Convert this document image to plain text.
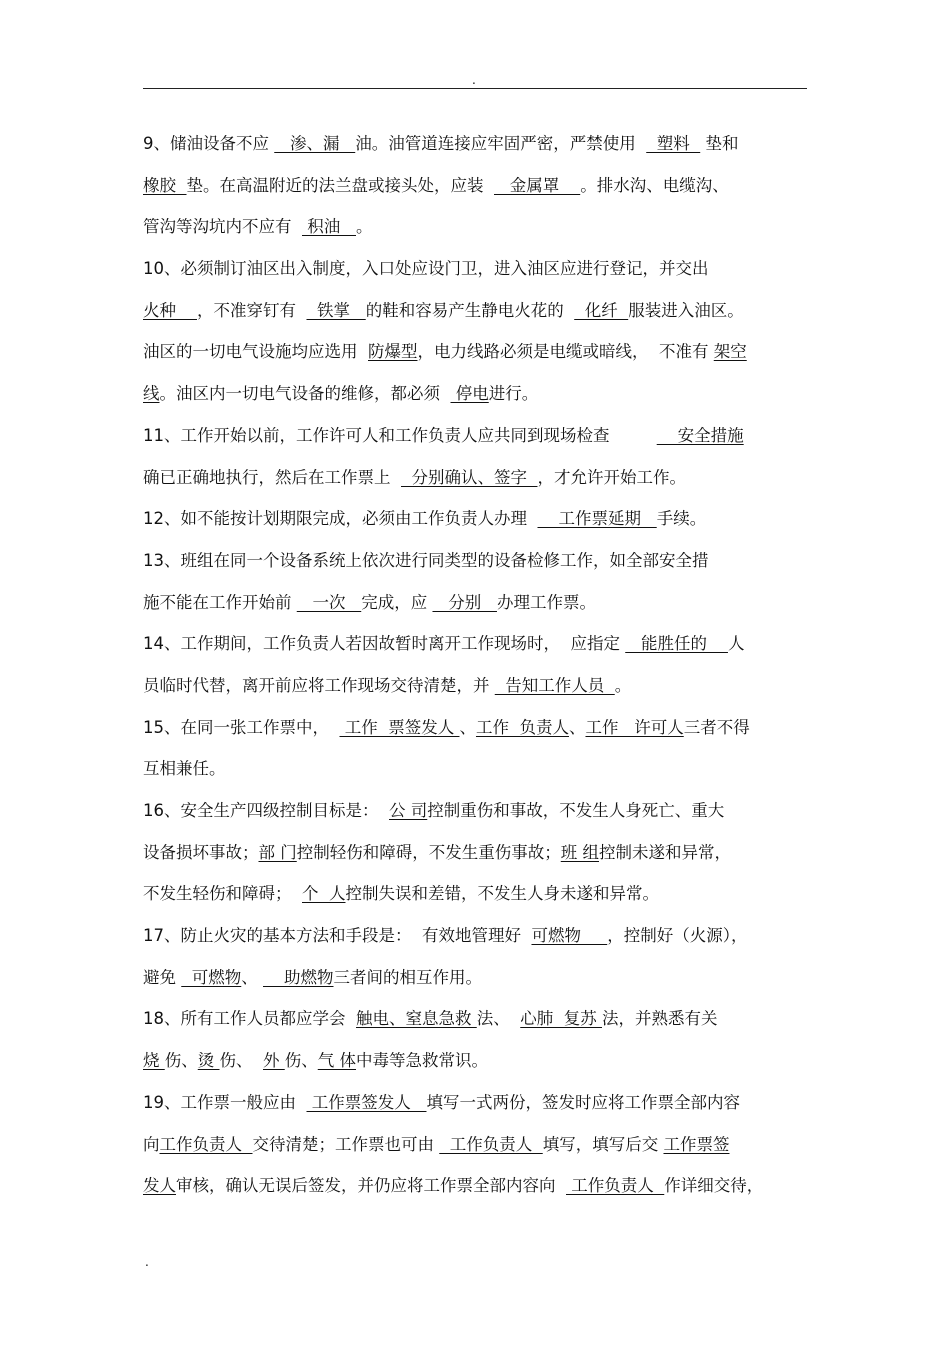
.
9、储油设备不应    渗、漏   油。油管道连接应牢固严密，严禁使用    塑料   垫和
橡胶  垫。在高温附近的法兰盘或接头处，应装     金属罩    。排水沟、电缆沟、
管沟等沟坑内不应有   积油   。
10、必须制订油区出入制度，入口处应设门卫，进入油区应进行登记，并交出
火种    ，不准穿钉有    铁掌   的鞋和容易产生静电火花的    化纤  服装进入油区。
油区的一切电气设施均应选用  防爆型，电力线路必须是电缆或暗线，  不准有 架空
线。油区内一切电气设备的维修，都必须   停电进行。
11、工作开始以前，工作许可人和工作负责人应共同到现场检查             安全措施
确已正确地执行，然后在工作票上    分别确认、签字  ，才允许开始工作。
12、如不能按计划期限完成，必须由工作负责人办理      工作票延期   手续。
13、班组在同一个设备系统上依次进行同类型的设备检修工作，如全部安全措
施不能在工作开始前    一次   完成，应    分别   办理工作票。
14、工作期间，工作负责人若因故暂时离开工作现场时，  应指定    能胜任的    人
员临时代替，离开前应将工作现场交待清楚，并   告知工作人员  。
15、在同一张工作票中，   工作  票签发人 、工作  负责人、工作   许可人三者不得
互相兼任。
16、安全生产四级控制目标是：  公 司控制重伤和事故，不发生人身死亡、重大
设备损坏事故；部 门控制轻伤和障碍，不发生重伤事故；班 组控制未遂和异常，
不发生轻伤和障碍；  个  人控制失误和差错，不发生人身未遂和异常。
17、防止火灾的基本方法和手段是：  有效地管理好  可燃物     ，控制好（火源），
避免   可燃物、     助燃物三者间的相互作用。
18、所有工作人员都应学会  触电、窒息急救 法、  心肺  复苏 法，并熟悉有关
烧 伤、烫 伤、  外 伤、气 体中毒等急救常识。
19、工作票一般应由   工作票签发人   填写一式两份，签发时应将工作票全部内容
向工作负责人  交待清楚；工作票也可由   工作负责人  填写，填写后交 工作票签
发人审核，确认无误后签发，并仍应将工作票全部内容向   工作负责人  作详细交待，
.
